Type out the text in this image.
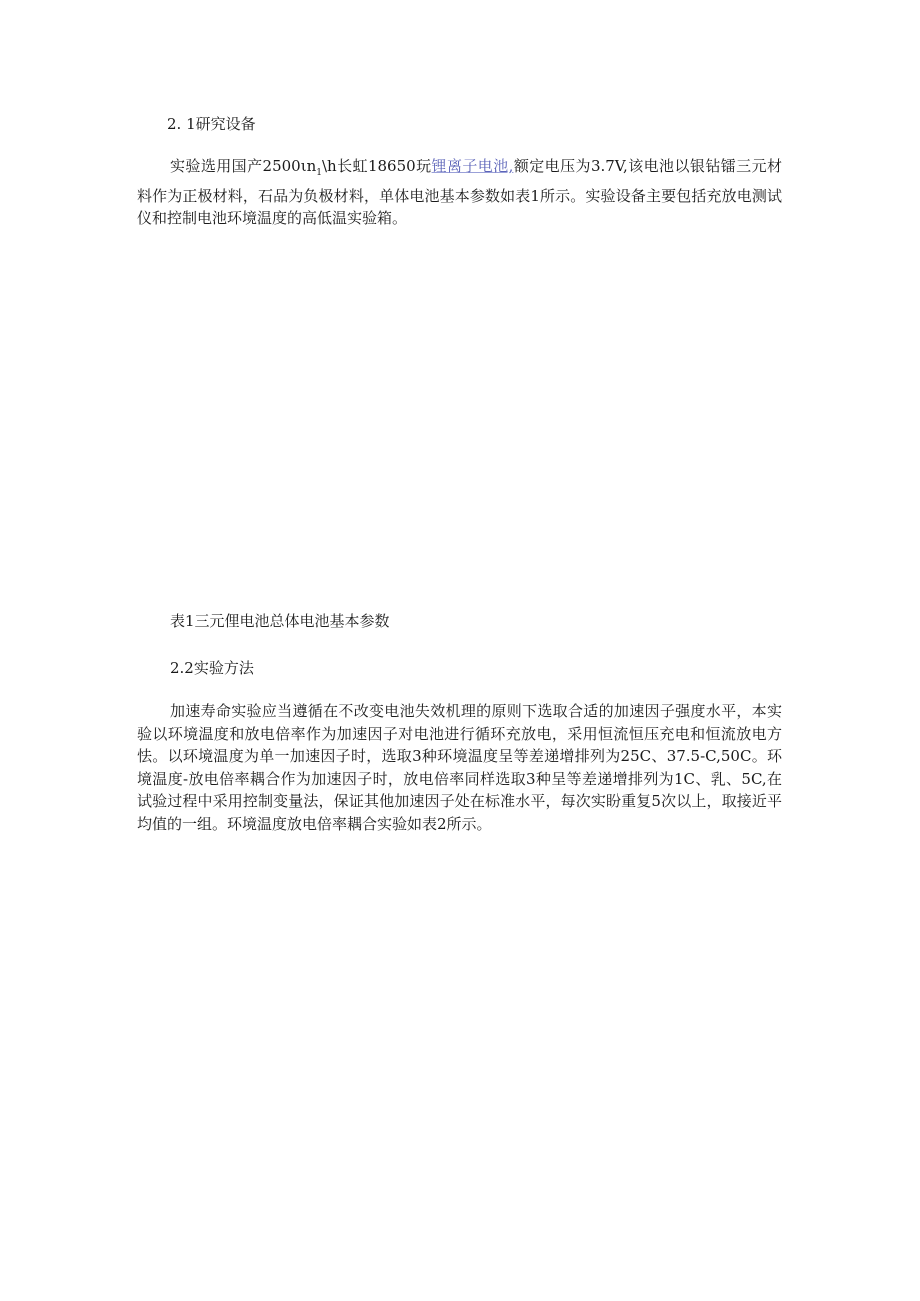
2. 1研究设备
实验选用国产$2500\iota n_1\backslash h$长虹18650玩锂离子电池,额定电压为3.7V,该电池以银钻镭三元材料作为正极材料，石品为负极材料，单体电池基本参数如表1所示。实验设备主要包括充放电测试仪和控制电池环境温度的高低温实验箱。
表1三元俚电池总体电池基本参数
2.2实验方法
加速寿命实验应当遵循在不改变电池失效机理的原则下选取合适的加速因子强度水平，本实验以环境温度和放电倍率作为加速因子对电池进行循环充放电，采用恒流恒压充电和恒流放电方怯。以环境温度为单一加速因子时，选取3种环境温度呈等差递增排列为25C、37.5-C,50C。环境温度-放电倍率耦合作为加速因子时，放电倍率同样选取3种呈等差递增排列为1C、乳、5C,在试验过程中采用控制变量法，保证其他加速因子处在标准水平，每次实盼重复5次以上，取接近平均值的一组。环境温度放电倍率耦合实验如表2所示。
